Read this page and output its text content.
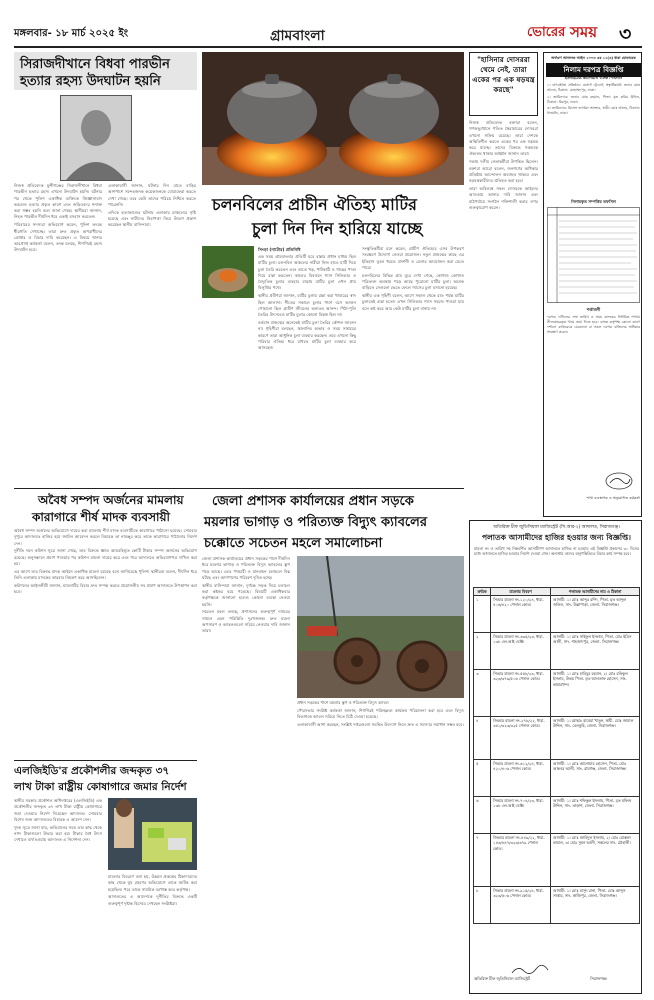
মঙ্গলবার- ১৮ মার্চ ২০২৫ ইং	গ্রামবাংলা	ভোরের সময় ৩
সিরাজদীখানে বিধবা পারভীন
হত্যার রহস্য উদঘাটন হয়নি

নিজস্ব প্রতিবেদক মুন্সীগঞ্জের সিরাজদীখানে বিধবা পারভীন হত্যার রহস্য এখনো উদঘাটন হয়নি। ঘটনার পর থেকে পুলিশ একাধিক ব্যক্তিকে জিজ্ঞাসাবাদ করলেও হত্যার প্রকৃত কারণ এবং জড়িতদের শনাক্ত করা সম্ভব হয়নি বলে জানা গেছে। স্থানীয়রা জানান, নিহত পারভীন দীর্ঘদিন ধরে একাই বসবাস করতেন।

পরিবারের সদস্যরা অভিযোগ করেন, পুলিশ তদন্তে ধীরগতি দেখাচ্ছে। তারা দ্রুত প্রকৃত অপরাধীদের গ্রেপ্তার ও বিচার দাবি করেছেন। এ বিষয়ে থানার ভারপ্রাপ্ত কর্মকর্তা বলেন, তদন্ত চলছে, শিগগিরই রহস্য উদঘাটন হবে।

এলাকাবাসী জানান, ঘটনার দিন রাতে বাড়ির আশপাশে সন্দেহজনক কয়েকজনকে ঘোরাফেরা করতে দেখা গেছে। তবে কেউ তাদের পরিচয় নিশ্চিত করতে পারেননি।

এদিকে হত্যাকাণ্ডের ঘটনায় এলাকায় চাঞ্চল্যের সৃষ্টি হয়েছে এবং নারীদের নিরাপত্তা নিয়ে উদ্বেগ প্রকাশ করেছেন স্থানীয় বাসিন্দারা।

চলনবিলের প্রাচীন ঐতিহ্য মাটির
চুলা দিন দিন হারিয়ে যাচ্ছে
সিংড়া (নাটোর) প্রতিনিধি

এক সময় গ্রামবাংলার প্রতিটি ঘরে রান্নার প্রধান মাধ্যম ছিল মাটির চুলা। চলনবিল অঞ্চলের নারীরা নিজ হাতে মাটি দিয়ে চুলা তৈরি করতেন এবং তাতে খড়, পাটকাঠি ও গাছের পাতা দিয়ে রান্না করতেন। কালের বিবর্তনে গ্যাস সিলিন্ডার ও বৈদ্যুতিক চুলার ব্যবহার বাড়ায় মাটির চুলা এখন প্রায় বিলুপ্তির পথে।

স্থানীয় প্রবীণরা জানান, মাটির চুলায় রান্না করা খাবারের স্বাদ ছিল আলাদা। শীতের সকালে চুলার পাশে বসে আগুন পোহানো ছিল গ্রামীণ জীবনের অন্যতম আনন্দ। পিঠা-পুলি তৈরির উৎসবেও মাটির চুলার কোনো বিকল্প ছিল না।

বর্তমান প্রজন্মের অনেকেই মাটির চুলা তৈরির কৌশল জানেন না। গৃহিণীরা বলছেন, জ্বালানির অভাব ও সময় সাশ্রয়ের কারণে তারা আধুনিক চুলা ব্যবহার করছেন। তবে এখনো কিছু পরিবার ঐতিহ্য ধরে রাখতে মাটির চুলা ব্যবহার করে আসছেন।

সংস্কৃতিকর্মীরা মনে করেন, গ্রামীণ ঐতিহ্যের এসব উপকরণ সংরক্ষণে উদ্যোগ নেওয়া প্রয়োজন। নতুন প্রজন্মের কাছে এর ইতিহাস তুলে ধরতে প্রদর্শনী ও মেলার আয়োজন করা যেতে পারে।

চলনবিলের বিভিন্ন গ্রাম ঘুরে দেখা গেছে, কোথাও কোথাও পরিত্যক্ত অবস্থায় পড়ে আছে পুরোনো মাটির চুলা। অনেক বাড়িতে সেগুলো ভেঙে ফেলে গ্যাসের চুলা বসানো হয়েছে।

স্থানীয় এক গৃহিণী বলেন, আগে সকাল থেকে রাত পর্যন্ত মাটির চুলাতেই রান্না হতো। এখন সিলিন্ডার গ্যাস সহজে পাওয়া যায় বলে কষ্ট করে আর কেউ মাটির চুলা বানায় না।

"হাসিনার দোসররা থেমে নেই, তারা একের পর এক ষড়যন্ত্র করছে"

নিজস্ব প্রতিবেদক বক্তারা বলেন, গণঅভ্যুত্থানে পতিত স্বৈরাচারের দোসররা এখনো সক্রিয় রয়েছে। তারা দেশকে অস্থিতিশীল করতে একের পর এক ষড়যন্ত্র করে যাচ্ছে। তাদের বিরুদ্ধে সকলকে ঐক্যবদ্ধ থাকার আহ্বান জানান তারা।

সভায় দলীয় নেতাকর্মীরা উপস্থিত ছিলেন। বক্তারা আরো বলেন, জনগণের অধিকার প্রতিষ্ঠায় আন্দোলন অব্যাহত থাকবে এবং ষড়যন্ত্রকারীদের প্রতিহত করা হবে।

তারা অবিলম্বে সকল দোসরকে আইনের আওতায় আনার দাবি জানান এবং মাঠপর্যায়ে সংগঠন শক্তিশালী করার ওপর গুরুত্বারোপ করেন।

অর্থঋণ আদালত আইন ২০০৩ এর ১২(৩) ধারা মোতাবেক
নিলাম দরপত্র বিজ্ঞপ্তি
ইউনাইটেড কমার্শিয়াল ব্যাংক পিএলসি

১। ঋণগ্রহীতা প্রতিষ্ঠান: মেসার্স ট্রেডার্স, স্বত্বাধিকারী: জনাব মোঃ আলম, ঠিকানা: মোহাম্মদপুর, ঢাকা।

২। জামিনদার: জনাব মোঃ রহমান, পিতা: মৃত করিম উদ্দিন, ঠিকানা: মিরপুর, ঢাকা।

৩। জামিনদার: মিসেস নাসরিন আক্তার, স্বামী: মোঃ আলম, ঠিকানা: ধানমন্ডি, ঢাকা।

নিলামকৃত সম্পত্তির তফসিল
শর্তাবলী
দরপত্র দাখিলের শেষ তারিখ ও সময় ব্যাংকের নির্ধারিত শাখায় সীলমোহরকৃত খামে জমা দিতে হবে। ব্যাংক কর্তৃপক্ষ কোনো কারণ দর্শানো ব্যতিরেকে যেকোনো বা সকল দরপত্র বাতিলের অধিকার সংরক্ষণ করেন।
শাখা ব্যবস্থাপক ও অনুমোদিত কর্মকর্তা
অতিরিক্ত চীফ জুডিসিয়াল ম্যাজিস্ট্রেট (সি.আর-২) আদালত, সিরাজগঞ্জ।
পলাতক আসামীদের হাজির হওয়ার জন্য বিজ্ঞপ্তি।
মামলা নং ও তারিখ সহ নিম্নবর্ণিত আসামীগণ আদালতে হাজির না হওয়ায় এই বিজ্ঞপ্তি প্রকাশের ৩০ দিনের মধ্যে আদালতে হাজির হওয়ার নির্দেশ দেওয়া গেল। অন্যথায় তাদের অনুপস্থিতিতে বিচার কার্য সম্পন্ন হবে।
ক্রমিক	মামলার বিবরণ	পলাতক আসামীদের নাম ও ঠিকানা
১	সিআর মামলা নং-১২০/২৪, ধারা- ৪০৬/৪২০ পেনাল কোড।	আসামী: ১। মোঃ আব্দুর রশিদ, পিতা- মৃত আব্দুল জলিল, সাং- উল্লাপাড়া, জেলা- সিরাজগঞ্জ।
২	সিআর মামলা নং-৩৩৫/২৩, ধারা- ১৩৮ এন.আই এ্যাক্ট।	আসামী: ১। মোঃ সাইফুল ইসলাম, পিতা- মোঃ ইদ্রিস আলী, সাং- শাহজাদপুর, জেলা- সিরাজগঞ্জ।
৩	সিআর মামলা নং-৫৫৮/২৩, ধারা- ৩২৩/৩৭৯/৫০৬ পেনাল কোড।	আসামী: ১। মোঃ হাবিবুর রহমান, ২। মোঃ রফিকুল ইসলাম, উভয় পিতা- মৃত আলতাফ হোসেন, সাং- কামারখন্দ।
৪	জিআর মামলা নং-২৭৮/২২, ধারা- ৩৪১/৩২৩/৩২৫ পেনাল কোড।	আসামী: ১। মোছাঃ রাবেয়া খাতুন, স্বামী- মোঃ জামাল উদ্দিন, সাং- বেলকুচি, জেলা- সিরাজগঞ্জ।
৫	সিআর মামলা নং-৬১২/২৪, ধারা- ৪২০/৪০৬ পেনাল কোড।	আসামী: ১। মোঃ আনোয়ার হোসেন, পিতা- মোঃ আকবর আলী, সাং- রায়গঞ্জ, জেলা- সিরাজগঞ্জ।
৬	সিআর মামলা নং-৭০৪/২৩, ধারা- ১৩৮ এন.আই এ্যাক্ট।	আসামী: ১। মোঃ শফিকুল ইসলাম, পিতা- মৃত মফিজ উদ্দিন, সাং- তাড়াশ, জেলা- সিরাজগঞ্জ।
৭	জিআর মামলা নং-৪৪৯/২২, ধারা- ১৪৩/৪৪৭/৩২৩/৩৭৯ পেনাল কোড।	আসামী: ১। মোঃ জাহিদুল ইসলাম, ২। মোঃ মোস্তফা কামাল, ৩। মোঃ সুমন আলী, সকলের সাং- চৌহালী।
৮	সিআর মামলা নং-৯১৫/২৪, ধারা- ৩২৩/৫০৬ পেনাল কোড।	আসামী: ১। মোঃ মাসুদ রানা, পিতা- মোঃ আব্দুস সাত্তার, সাং- কাজিপুর, জেলা- সিরাজগঞ্জ।
অতিরিক্ত চীফ জুডিসিয়াল ম্যাজিস্ট্রেট	সিরাজগঞ্জ।
অবৈধ সম্পদ অর্জনের মামলায়
কারাগারে শীর্ষ মাদক ব্যবসায়ী

অবৈধ সম্পদ অর্জনের অভিযোগে দায়ের করা মামলায় শীর্ষ মাদক ব্যবসায়ীকে কারাগারে পাঠানো হয়েছে। সোমবার দুপুরে আদালতে হাজির হয়ে জামিন আবেদন করলে বিচারক তা নামঞ্জুর করে তাকে কারাগারে পাঠানোর নির্দেশ দেন।

দুর্নীতি দমন কমিশন সূত্রে জানা গেছে, তার বিরুদ্ধে জ্ঞাত আয়বহির্ভূত কোটি টাকার সম্পদ অর্জনের অভিযোগ রয়েছে। অনুসন্ধানে প্রমাণ পাওয়ার পর কমিশন মামলা দায়ের করে এবং পরে আদালতে অভিযোগপত্র দাখিল করা হয়।

এর আগে তার বিরুদ্ধে মাদক আইনে একাধিক মামলা রয়েছে বলে জানিয়েছে পুলিশ। স্থানীয়রা বলেন, দীর্ঘদিন ধরে তিনি এলাকায় মাদকের কারবার নিয়ন্ত্রণ করে আসছিলেন।

কমিশনের আইনজীবী জানান, মামলাটির বিচার দ্রুত সম্পন্ন করতে প্রয়োজনীয় সব প্রমাণ আদালতে উপস্থাপন করা হবে।

জেলা প্রশাসক কার্যালয়ের প্রধান সড়কে
ময়লার ভাগাড় ও পরিত্যক্ত বিদ্যুৎ ক্যাবলের
চক্কোতে সচেতন মহলে সমালোচনা

জেলা প্রশাসক কার্যালয়ের প্রধান সড়কের পাশে দীর্ঘদিন ধরে ময়লার ভাগাড় ও পরিত্যক্ত বিদ্যুৎ ক্যাবলের স্তূপ পড়ে আছে। এতে পথচারী ও যানবাহন চলাচলে বিঘ্ন ঘটছে এবং আশপাশের পরিবেশ দূষিত হচ্ছে।

স্থানীয় বাসিন্দারা জানান, দুর্গন্ধে সড়ক দিয়ে চলাচল করা কষ্টকর হয়ে পড়েছে। বিষয়টি একাধিকবার কর্তৃপক্ষকে জানানো হলেও কোনো ব্যবস্থা নেওয়া হয়নি।

সচেতন মহল বলছে, প্রশাসনের গুরুত্বপূর্ণ দপ্তরের সামনে এমন পরিস্থিতি দুঃখজনক। দ্রুত ময়লা অপসারণ ও ক্যাবলগুলো সরিয়ে নেওয়ার দাবি জানান তারা।

প্রধান সড়কের পাশে ময়লার স্তূপ ও পরিত্যক্ত বিদ্যুৎ ক্যাবল

পৌরসভার সংশ্লিষ্ট কর্মকর্তা জানান, শিগগিরই পরিচ্ছন্নতা কার্যক্রম পরিচালনা করা হবে এবং বিদ্যুৎ বিভাগকে ক্যাবল সরিয়ে নিতে চিঠি দেওয়া হয়েছে।

এলাকাবাসী আশা করছেন, সংশ্লিষ্ট দপ্তরগুলো সমন্বিত উদ্যোগ নিলে দ্রুত এ সমস্যার সমাধান সম্ভব হবে।

এলজিইডি'র প্রকৌশলীর জব্দকৃত ৩৭
লাখ টাকা রাষ্ট্রীয় কোষাগারে জমার নির্দেশ

স্থানীয় সরকার প্রকৌশল অধিদপ্তরের (এলজিইডি) এক প্রকৌশলীর জব্দকৃত ৩৭ লাখ টাকা রাষ্ট্রীয় কোষাগারে জমা দেওয়ার নির্দেশ দিয়েছেন আদালত। সোমবার বিশেষ জজ আদালতের বিচারক এ আদেশ দেন।

দুদক সূত্রে জানা যায়, অভিযানের সময় তার কাছ থেকে নগদ টাকাগুলো উদ্ধার করা হয়। টাকার বৈধ উৎস দেখাতে ব্যর্থ হওয়ায় আদালত এ নির্দেশনা দেন।

মামলার বিবরণে বলা হয়, উন্নয়ন প্রকল্পের ঠিকাদারদের কাছ থেকে ঘুষ গ্রহণের অভিযোগে তাকে আটক করা হয়েছিল। পরে তাকে সাময়িক বরখাস্ত করে কর্তৃপক্ষ।

আদালতের এ আদেশকে দুর্নীতির বিরুদ্ধে একটি গুরুত্বপূর্ণ দৃষ্টান্ত হিসেবে দেখছেন সংশ্লিষ্টরা।
